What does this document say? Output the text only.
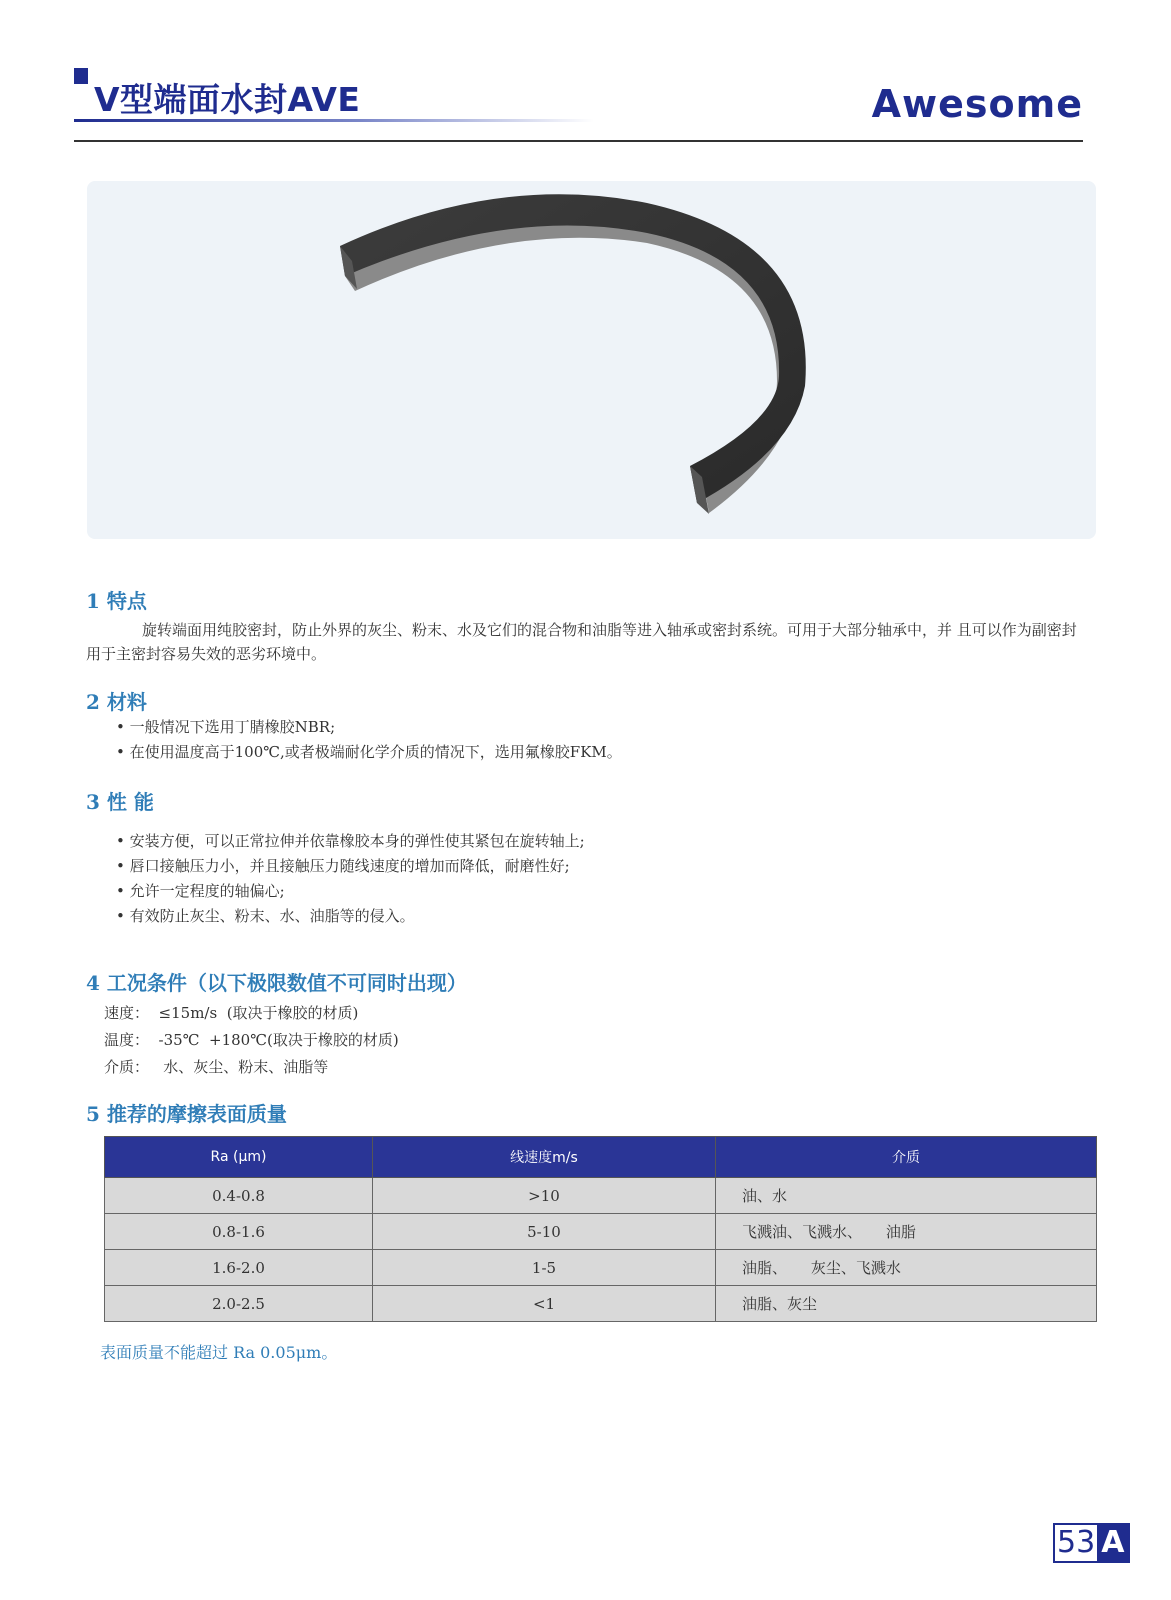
V型端面水封AVE	Awesome
1 特点

旋转端面用纯胶密封，防止外界的灰尘、粉末、水及它们的混合物和油脂等进入轴承或密封系统。可用于大部分轴承中，并 且可以作为副密封用于主密封容易失效的恶劣环境中。

2 材料
• 一般情况下选用丁腈橡胶NBR;
• 在使用温度高于100℃,或者极端耐化学介质的情况下，选用氟橡胶FKM。
3 性 能
• 安装方便，可以正常拉伸并依靠橡胶本身的弹性使其紧包在旋转轴上;
• 唇口接触压力小，并且接触压力随线速度的增加而降低，耐磨性好;
• 允许一定程度的轴偏心;
• 有效防止灰尘、粉末、水、油脂等的侵入。
4 工况条件（以下极限数值不可同时出现）
速度：  ≤15m/s  (取决于橡胶的材质)
温度：  -35℃  +180℃(取决于橡胶的材质)
介质：   水、灰尘、粉末、油脂等
5 推荐的摩擦表面质量
Ra (μm)	线速度m/s	介质
0.4-0.8	>10	油、水
0.8-1.6	5-10	飞溅油、飞溅水、     油脂
1.6-2.0	1-5	油脂、     灰尘、飞溅水
2.0-2.5	<1	油脂、灰尘
表面质量不能超过 Ra 0.05μm。
53 A
